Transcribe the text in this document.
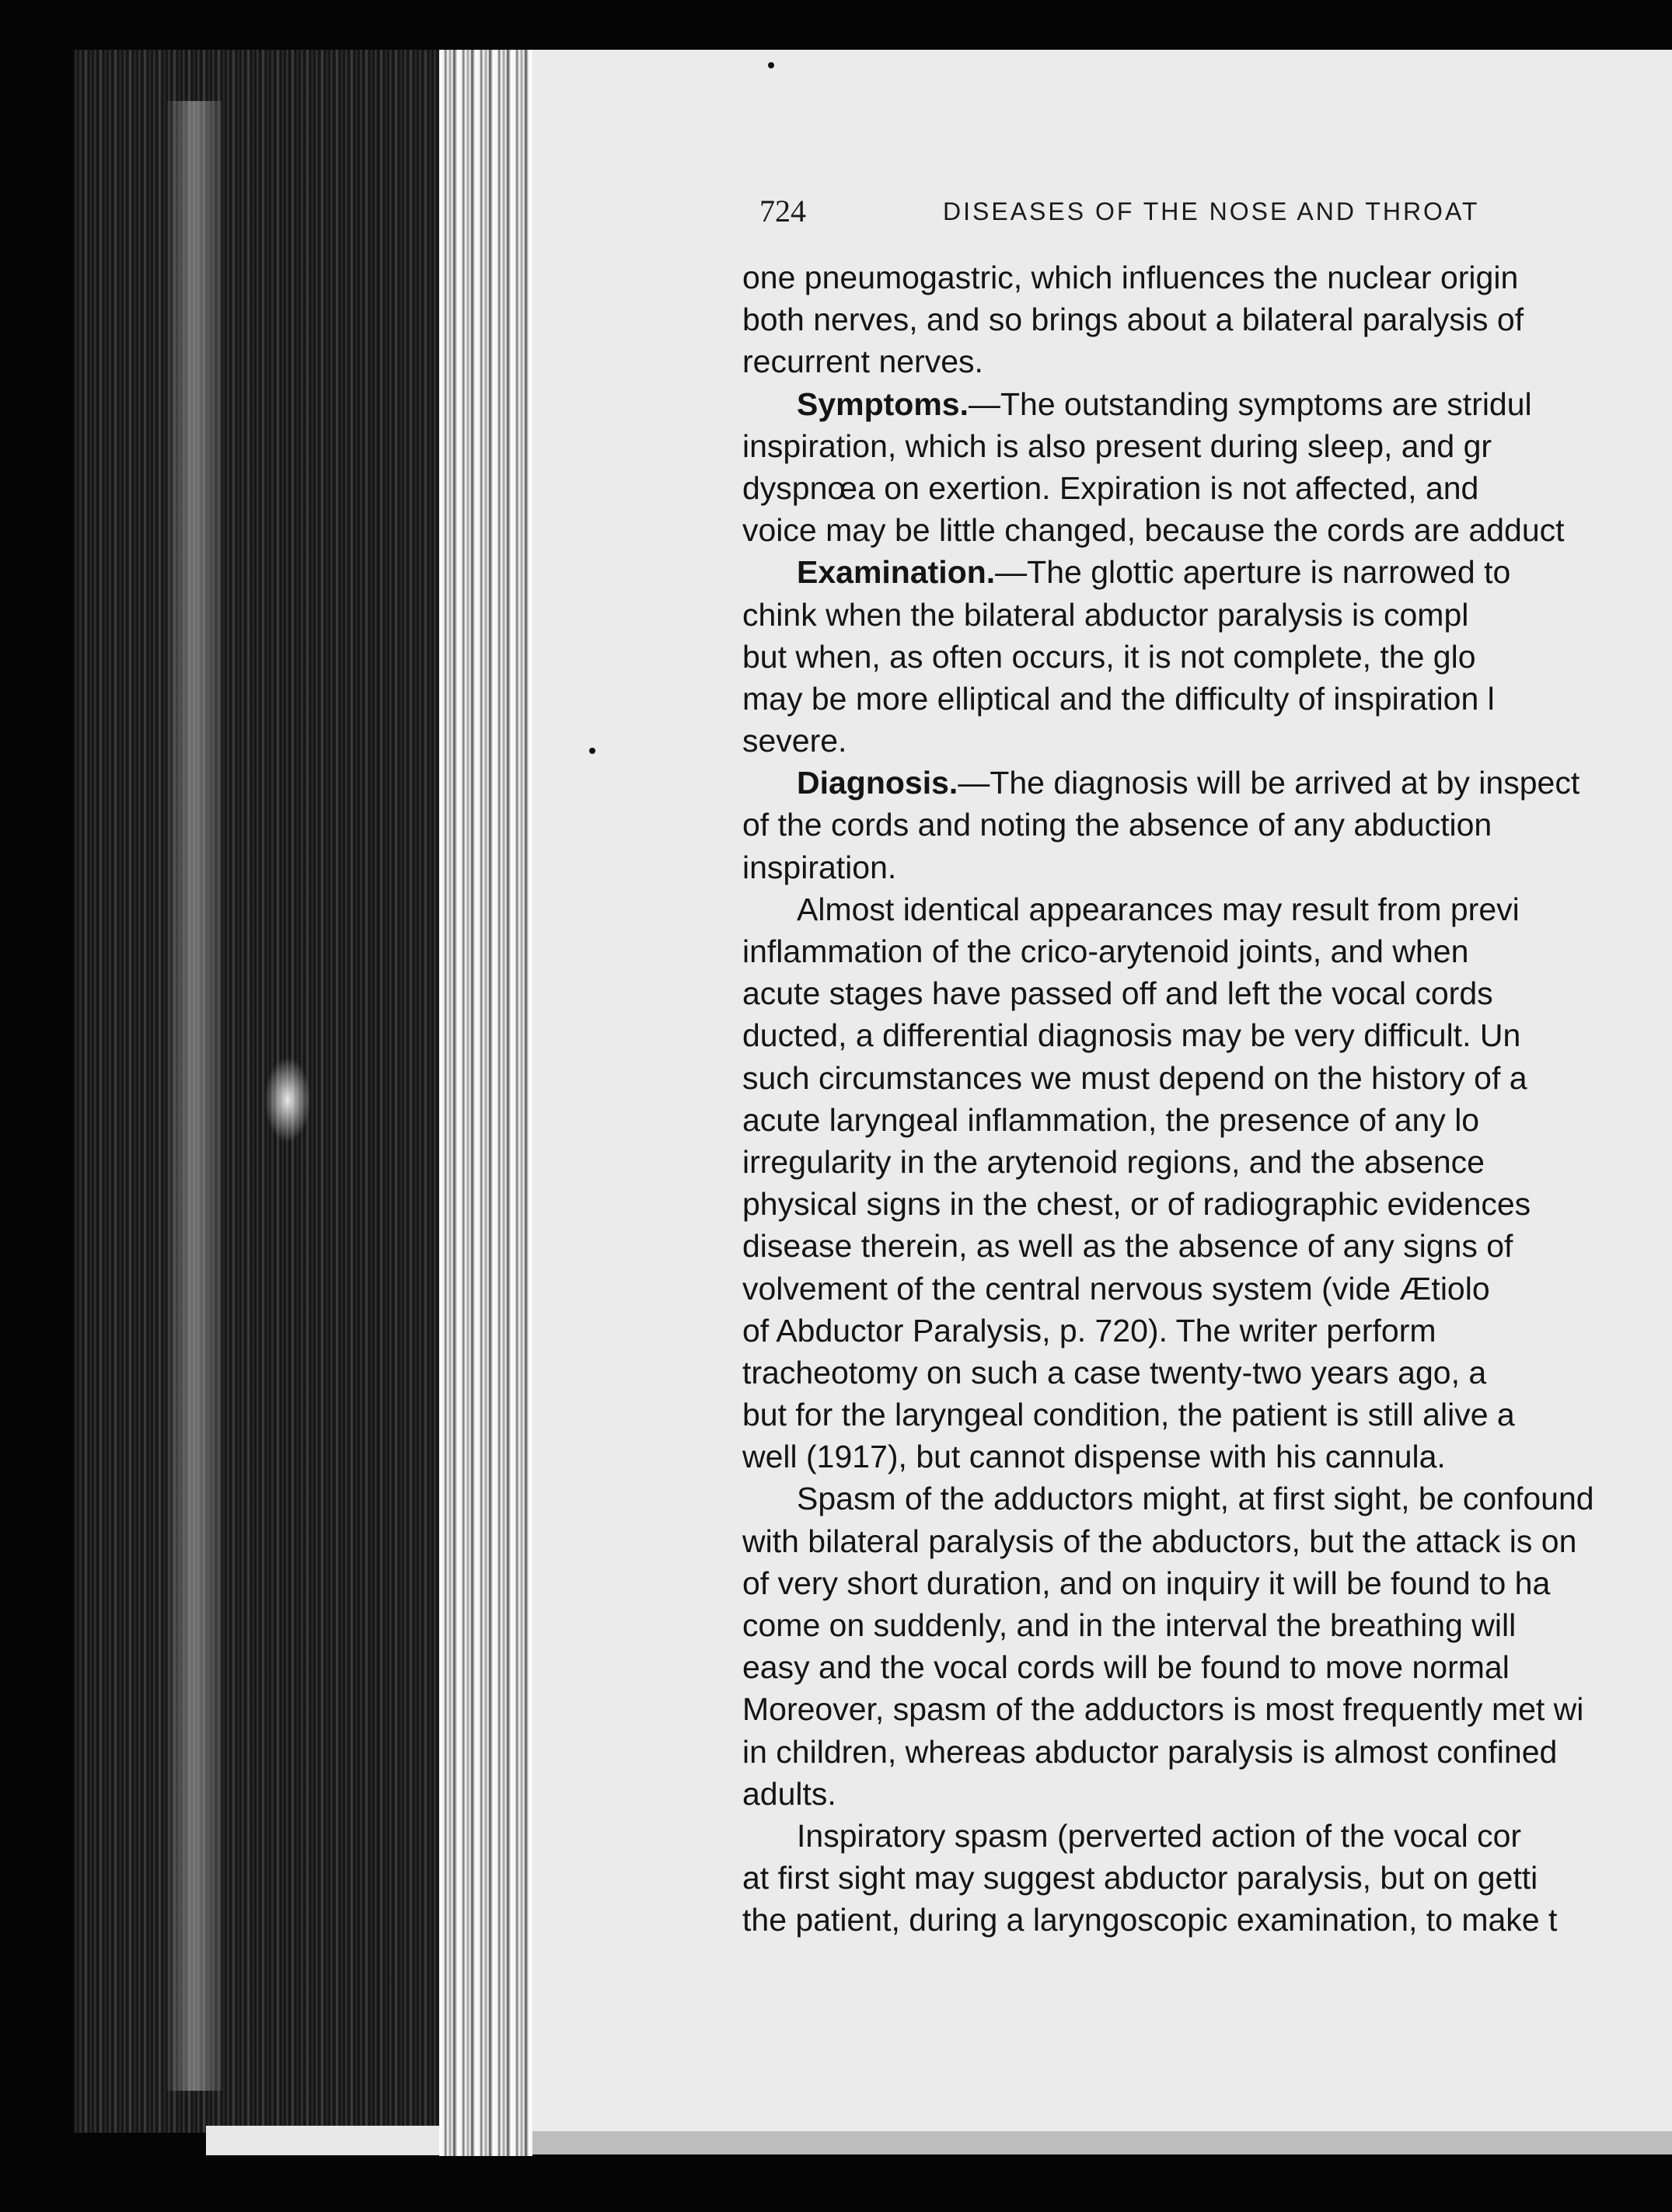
724	DISEASES OF THE NOSE AND THROAT
one pneumogastric, which influences the nuclear origin
both nerves, and so brings about a bilateral paralysis of
recurrent nerves.
Symptoms.—The outstanding symptoms are stridul
inspiration, which is also present during sleep, and gr
dyspnœa on exertion. Expiration is not affected, and
voice may be little changed, because the cords are adduct
Examination.—The glottic aperture is narrowed to
chink when the bilateral abductor paralysis is compl
but when, as often occurs, it is not complete, the glo
may be more elliptical and the difficulty of inspiration l
severe.
Diagnosis.—The diagnosis will be arrived at by inspect
of the cords and noting the absence of any abduction
inspiration.
Almost identical appearances may result from previ
inflammation of the crico-arytenoid joints, and when
acute stages have passed off and left the vocal cords
ducted, a differential diagnosis may be very difficult. Un
such circumstances we must depend on the history of a
acute laryngeal inflammation, the presence of any lo
irregularity in the arytenoid regions, and the absence
physical signs in the chest, or of radiographic evidences
disease therein, as well as the absence of any signs of
volvement of the central nervous system (vide Ætiolo
of Abductor Paralysis, p. 720). The writer perform
tracheotomy on such a case twenty-two years ago, a
but for the laryngeal condition, the patient is still alive a
well (1917), but cannot dispense with his cannula.
Spasm of the adductors might, at first sight, be confound
with bilateral paralysis of the abductors, but the attack is on
of very short duration, and on inquiry it will be found to ha
come on suddenly, and in the interval the breathing will
easy and the vocal cords will be found to move normal
Moreover, spasm of the adductors is most frequently met wi
in children, whereas abductor paralysis is almost confined
adults.
Inspiratory spasm (perverted action of the vocal cor
at first sight may suggest abductor paralysis, but on getti
the patient, during a laryngoscopic examination, to make t
